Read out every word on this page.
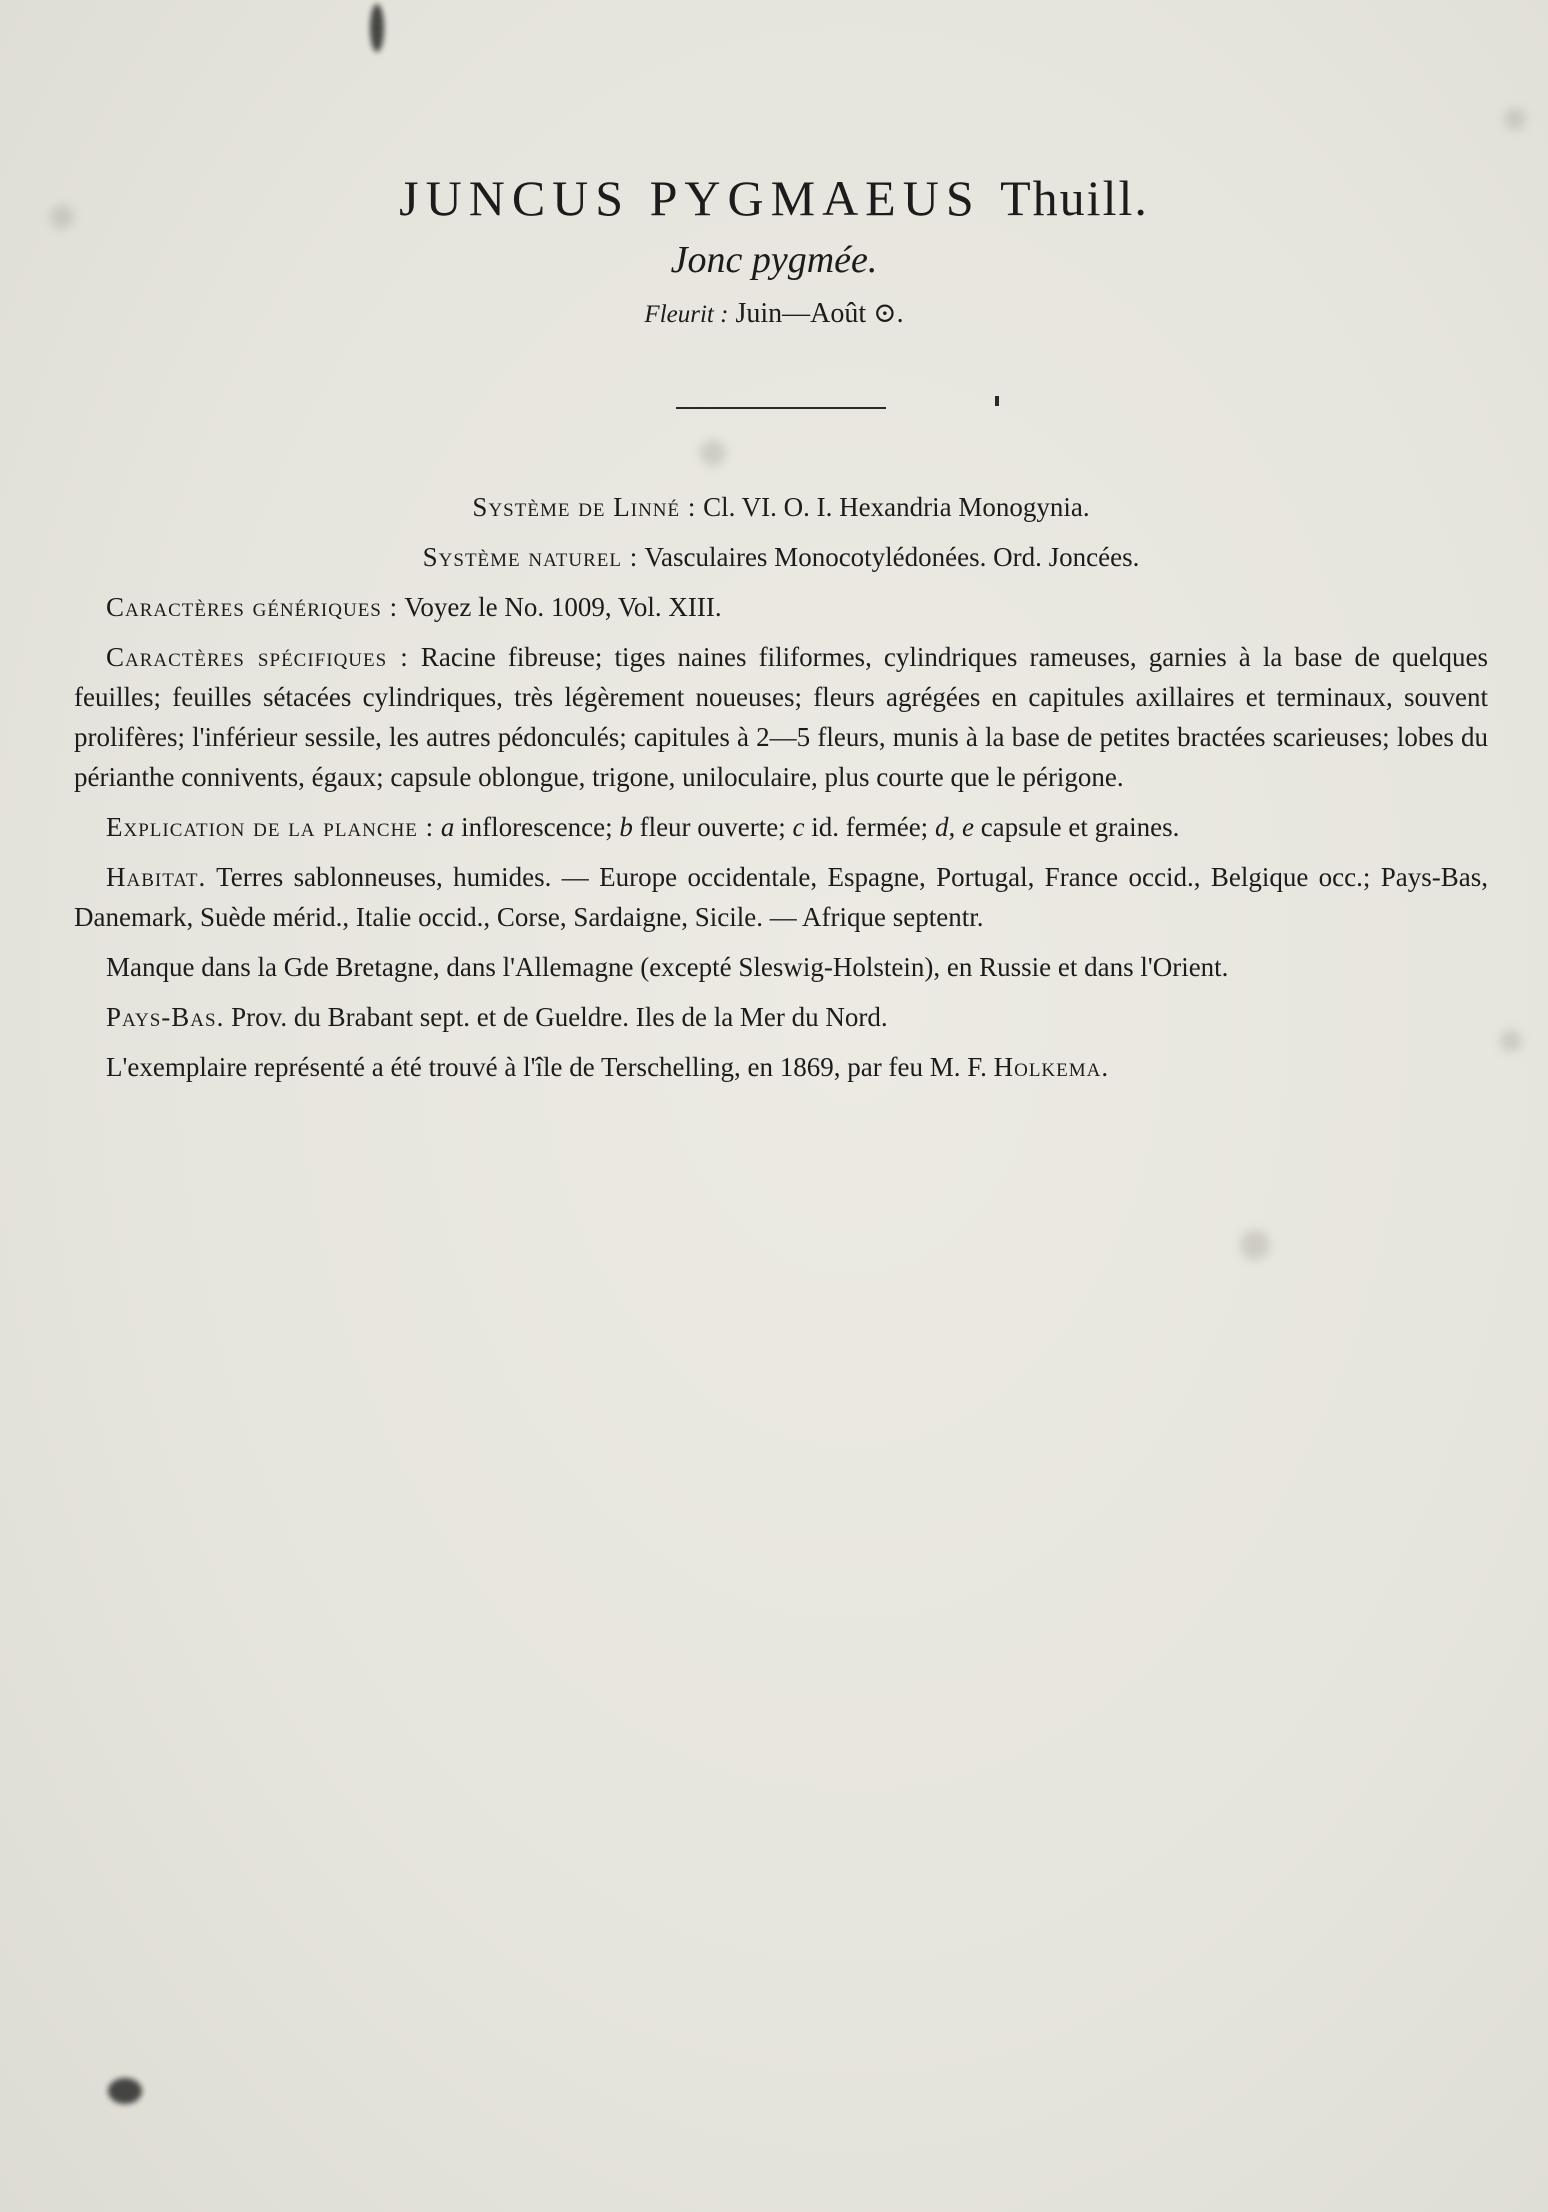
JUNCUS PYGMAEUS Thuill.
Jonc pygmée.
Fleurit : Juin—Août ⊙.

Système de Linné : Cl. VI. O. I. Hexandria Monogynia.

Système naturel : Vasculaires Monocotylédonées. Ord. Joncées.

Caractères génériques : Voyez le No. 1009, Vol. XIII.

Caractères spécifiques : Racine fibreuse; tiges naines filiformes, cylindriques rameuses, garnies à la base de quelques feuilles; feuilles sétacées cylindriques, très légèrement noueuses; fleurs agrégées en capitules axillaires et terminaux, souvent prolifères; l'inférieur sessile, les autres pédonculés; capitules à 2—5 fleurs, munis à la base de petites bractées scarieuses; lobes du périanthe connivents, égaux; capsule oblongue, trigone, uniloculaire, plus courte que le périgone.

Explication de la planche : a inflorescence; b fleur ouverte; c id. fermée; d, e capsule et graines.

Habitat. Terres sablonneuses, humides. — Europe occidentale, Espagne, Portugal, France occid., Belgique occ.; Pays-Bas, Danemark, Suède mérid., Italie occid., Corse, Sardaigne, Sicile. — Afrique septentr.

Manque dans la Gde Bretagne, dans l'Allemagne (excepté Sleswig-Holstein), en Russie et dans l'Orient.

Pays-Bas. Prov. du Brabant sept. et de Gueldre. Iles de la Mer du Nord.

L'exemplaire représenté a été trouvé à l'île de Terschelling, en 1869, par feu M. F. Holkema.
